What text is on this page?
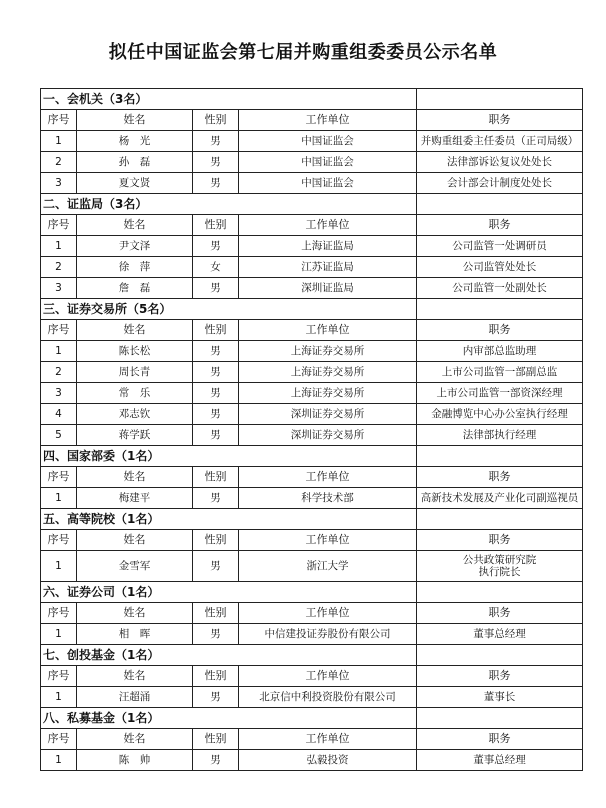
拟任中国证监会第七届并购重组委委员公示名单
一、会机关（3名）				
序号	姓名	性别	工作单位	职务
1	杨　光	男	中国证监会	并购重组委主任委员（正司局级）
2	孙　磊	男	中国证监会	法律部诉讼复议处处长
3	夏文贤	男	中国证监会	会计部会计制度处处长
二、证监局（3名）				
序号	姓名	性别	工作单位	职务
1	尹文泽	男	上海证监局	公司监管一处调研员
2	徐　萍	女	江苏证监局	公司监管处处长
3	詹　磊	男	深圳证监局	公司监管一处副处长
三、证券交易所（5名）				
序号	姓名	性别	工作单位	职务
1	陈长松	男	上海证券交易所	内审部总监助理
2	周长青	男	上海证券交易所	上市公司监管一部副总监
3	常　乐	男	上海证券交易所	上市公司监管一部资深经理
4	邓志钦	男	深圳证券交易所	金融博览中心办公室执行经理
5	蒋学跃	男	深圳证券交易所	法律部执行经理
四、国家部委（1名）				
序号	姓名	性别	工作单位	职务
1	梅建平	男	科学技术部	高新技术发展及产业化司副巡视员
五、高等院校（1名）				
序号	姓名	性别	工作单位	职务
1	金雪军	男	浙江大学	公共政策研究院
执行院长

六、证券公司（1名）				
序号	姓名	性别	工作单位	职务
1	相　晖	男	中信建投证券股份有限公司	董事总经理
七、创投基金（1名）				
序号	姓名	性别	工作单位	职务
1	汪超涌	男	北京信中利投资股份有限公司	董事长
八、私募基金（1名）				
序号	姓名	性别	工作单位	职务
1	陈　帅	男	弘毅投资	董事总经理
